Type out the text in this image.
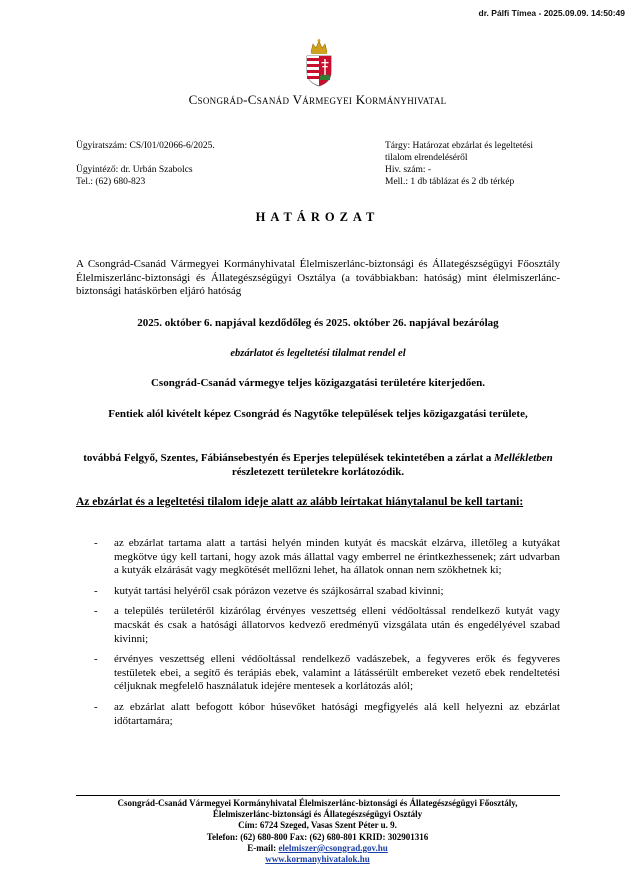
dr. Pálfi Tímea - 2025.09.09. 14:50:49
Csongrád-Csanád Vármegyei Kormányhivatal
Ügyiratszám: CS/I01/02066-6/2025.
Ügyintéző: dr. Urbán Szabolcs
Tel.: (62) 680-823
Tárgy: Határozat ebzárlat és legeltetési
tilalom elrendeléséről
Hiv. szám: -
Mell.: 1 db táblázat és 2 db térkép
HATÁROZAT
A Csongrád-Csanád Vármegyei Kormányhivatal Élelmiszerlánc-biztonsági és Állategészségügyi Főosztály Élelmiszerlánc-biztonsági és Állategészségügyi Osztálya (a továbbiakban: hatóság) mint élelmiszerlánc-biztonsági hatáskörben eljáró hatóság
2025. október 6. napjával kezdődőleg és 2025. október 26. napjával bezárólag
ebzárlatot és legeltetési tilalmat rendel el
Csongrád-Csanád vármegye teljes közigazgatási területére kiterjedően.
Fentiek alól kivételt képez Csongrád és Nagytőke települések teljes közigazgatási területe,
továbbá Felgyő, Szentes, Fábiánsebestyén és Eperjes települések tekintetében a zárlat a Mellékletben részletezett területekre korlátozódik.
Az ebzárlat és a legeltetési tilalom ideje alatt az alább leírtakat hiánytalanul be kell tartani:
- az ebzárlat tartama alatt a tartási helyén minden kutyát és macskát elzárva, illetőleg a kutyákat megkötve úgy kell tartani, hogy azok más állattal vagy emberrel ne érintkezhessenek; zárt udvarban a kutyák elzárását vagy megkötését mellőzni lehet, ha állatok onnan nem szökhetnek ki;
- kutyát tartási helyéről csak pórázon vezetve és szájkosárral szabad kivinni;
- a település területéről kizárólag érvényes veszettség elleni védőoltással rendelkező kutyát vagy macskát és csak a hatósági állatorvos kedvező eredményű vizsgálata után és engedélyével szabad kivinni;
- érvényes veszettség elleni védőoltással rendelkező vadászebek, a fegyveres erők és fegyveres testületek ebei, a segítő és terápiás ebek, valamint a látássérült embereket vezető ebek rendeltetési céljuknak megfelelő használatuk idejére mentesek a korlátozás alól;
- az ebzárlat alatt befogott kóbor húsevőket hatósági megfigyelés alá kell helyezni az ebzárlat időtartamára;
Csongrád-Csanád Vármegyei Kormányhivatal Élelmiszerlánc-biztonsági és Állategészségügyi Főosztály,
Élelmiszerlánc-biztonsági és Állategészségügyi Osztály
Cím: 6724 Szeged, Vasas Szent Péter u. 9.
Telefon: (62) 680-800 Fax: (62) 680-801 KRID: 302901316
E-mail: elelmiszer@csongrad.gov.hu
www.kormanyhivatalok.hu
